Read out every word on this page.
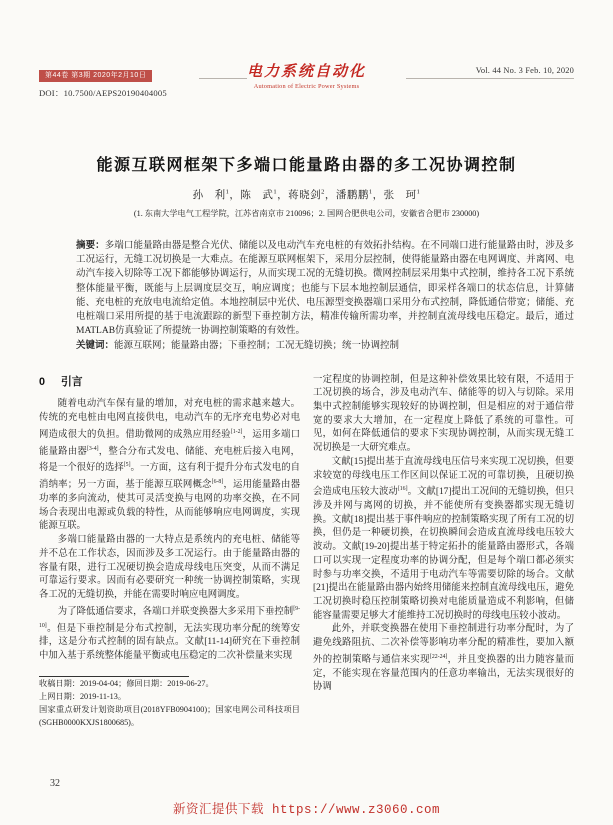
第44卷 第3期 2020年2月10日
DOI：10.7500/AEPS20190404005
电力系统自动化
Automation of Electric Power Systems
Vol. 44 No. 3 Feb. 10, 2020
能源互联网框架下多端口能量路由器的多工况协调控制
孙　利$^1$，陈　武$^1$，蒋晓剑$^2$，潘鹏鹏$^1$，张　珂$^1$
(1. 东南大学电气工程学院，江苏省南京市 210096；2. 国网合肥供电公司，安徽省合肥市 230000)
摘要：多端口能量路由器是整合光伏、储能以及电动汽车充电桩的有效拓扑结构。在不同端口进行能量路由时，涉及多工况运行，无缝工况切换是一大难点。在能源互联网框架下，采用分层控制，使得能量路由器在电网调度、并离网、电动汽车接入切除等工况下都能够协调运行，从而实现工况的无缝切换。微网控制层采用集中式控制，维持各工况下系统整体能量平衡，既能与上层调度层交互，响应调度；也能与下层本地控制层通信，即采样各端口的状态信息，计算储能、充电桩的充放电电流给定值。本地控制层中光伏、电压源型变换器端口采用分布式控制，降低通信带宽；储能、充电桩端口采用所提的基于电流跟踪的新型下垂控制方法，精准传输所需功率，并控制直流母线电压稳定。最后，通过MATLAB仿真验证了所提统一协调控制策略的有效性。
关键词：能源互联网；能量路由器；下垂控制；工况无缝切换；统一协调控制
0 引言

随着电动汽车保有量的增加，对充电桩的需求越来越大。传统的充电桩由电网直接供电，电动汽车的无序充电势必对电网造成很大的负担。借助微网的成熟应用经验[1-2]，运用多端口能量路由器[3-4]，整合分布式发电、储能、充电桩后接入电网，将是一个很好的选择[5]。一方面，这有利于提升分布式发电的自消纳率；另一方面，基于能源互联网概念[6-8]，运用能量路由器功率的多向流动，使其可灵活变换与电网的功率交换，在不同场合表现出电源或负载的特性，从而能够响应电网调度，实现能源互联。

多端口能量路由器的一大特点是系统内的充电桩、储能等并不总在工作状态，因而涉及多工况运行。由于能量路由器的容量有限，进行工况硬切换会造成母线电压突变，从而不满足可靠运行要求。因而有必要研究一种统一协调控制策略，实现各工况的无缝切换，并能在需要时响应电网调度。

为了降低通信要求，各端口并联变换器大多采用下垂控制[9-10]。但是下垂控制是分布式控制，无法实现功率分配的统筹安排，这是分布式控制的固有缺点。文献[11-14]研究在下垂控制中加入基于系统整体能量平衡或电压稳定的二次补偿量来实现

收稿日期：2019-04-04；修回日期：2019-06-27。
上网日期：2019-11-13。
国家重点研发计划资助项目(2018YFB0904100)；国家电网公司科技项目(SGHB0000KXJS1800685)。

一定程度的协调控制，但是这种补偿效果比较有限，不适用于工况切换的场合，涉及电动汽车、储能等的切入与切除。采用集中式控制能够实现较好的协调控制，但是相应的对于通信带宽的要求大大增加，在一定程度上降低了系统的可靠性。可见，如何在降低通信的要求下实现协调控制，从而实现无缝工况切换是一大研究难点。

文献[15]提出基于直流母线电压信号来实现工况切换，但要求较宽的母线电压工作区间以保证工况的可靠切换，且硬切换会造成电压较大波动[16]。文献[17]提出工况间的无缝切换，但只涉及并网与离网的切换，并不能使所有变换器都实现无缝切换。文献[18]提出基于事件响应的控制策略实现了所有工况的切换，但仍是一种硬切换，在切换瞬间会造成直流母线电压较大波动。文献[19-20]提出基于特定拓扑的能量路由器形式，各端口可以实现一定程度功率的协调分配，但是每个端口都必须实时参与功率交换，不适用于电动汽车等需要切除的场合。文献[21]提出在能量路由器内始终用储能来控制直流母线电压，避免工况切换时稳压控制策略切换对电能质量造成不利影响，但储能容量需要足够大才能维持工况切换时的母线电压较小波动。

此外，并联变换器在使用下垂控制进行功率分配时，为了避免线路阻抗、二次补偿等影响功率分配的精准性，要加入额外的控制策略与通信来实现[22-24]，并且变换器的出力随容量而定，不能实现在容量范围内的任意功率输出，无法实现很好的协调

32
新资汇提供下载 https://www.z3060.com
